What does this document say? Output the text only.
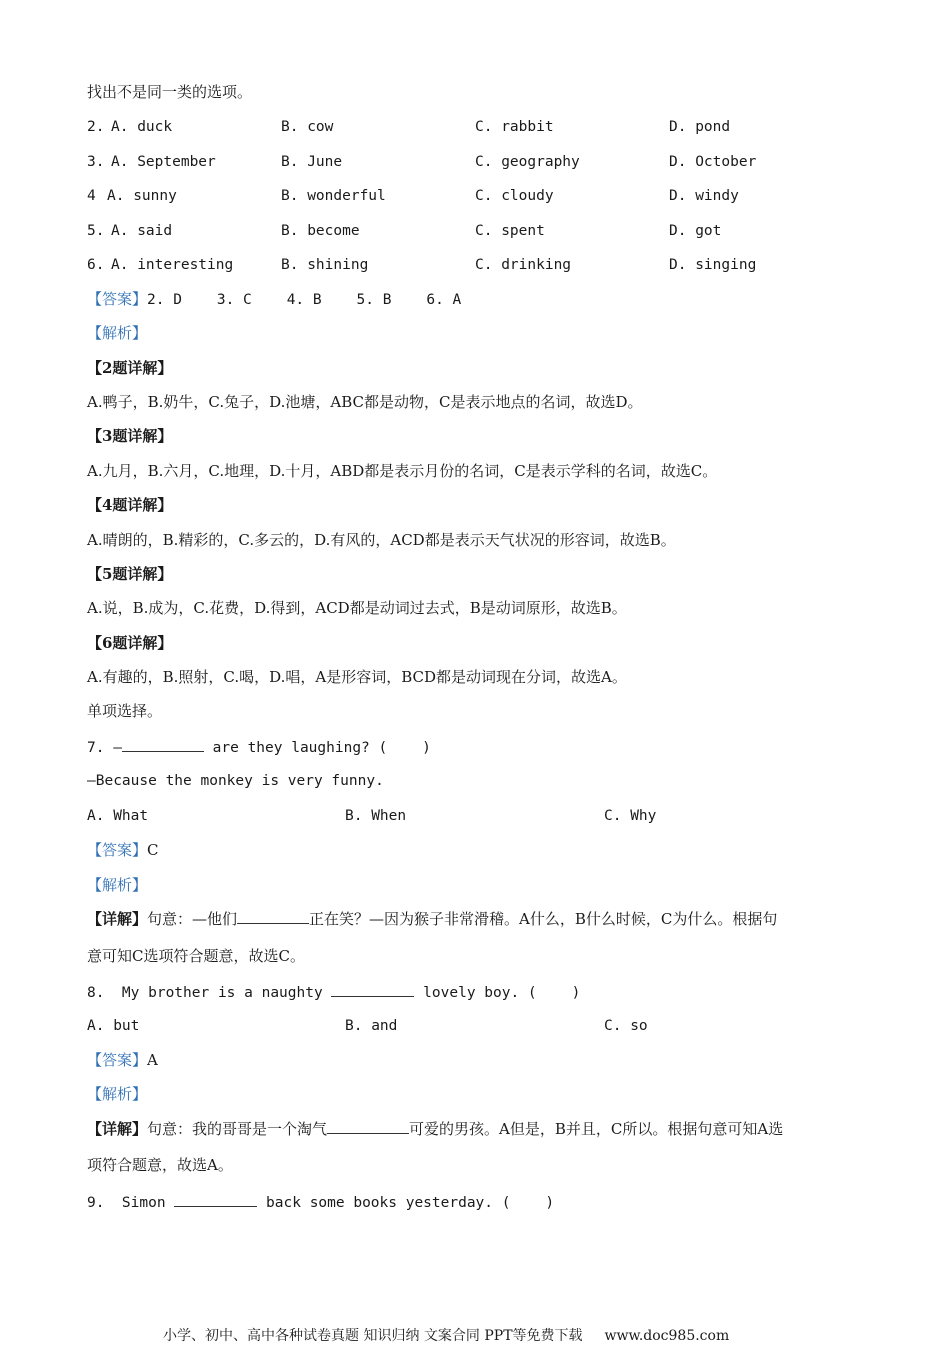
找出不是同一类的选项。
2. A. duck	B. cow	C. rabbit	D. pond
3. A. September	B. June	C. geography	D. October
4 A. sunny	B. wonderful	C. cloudy	D. windy
5. A. said	B. become	C. spent	D. got
6. A. interesting	B. shining	C. drinking	D. singing
【答案】2. D    3. C    4. B    5. B    6. A
【解析】
【2题详解】
A.鸭子，B.奶牛，C.兔子，D.池塘，ABC都是动物，C是表示地点的名词，故选D。
【3题详解】
A.九月，B.六月，C.地理，D.十月，ABD都是表示月份的名词，C是表示学科的名词，故选C。
【4题详解】
A.晴朗的，B.精彩的，C.多云的，D.有风的，ACD都是表示天气状况的形容词，故选B。
【5题详解】
A.说，B.成为，C.花费，D.得到，ACD都是动词过去式，B是动词原形，故选B。
【6题详解】
A.有趣的，B.照射，C.喝，D.唱，A是形容词，BCD都是动词现在分词，故选A。
单项选择。
7. —	are they laughing? (    )
—Because the monkey is very funny.
A. What	B. When	C. Why
【答案】C
【解析】
【详解】句意：—他们	正在笑？—因为猴子非常滑稽。A什么，B什么时候，C为什么。根据句
意可知C选项符合题意，故选C。
8.  My brother is a naughty	lovely boy. (    )
A. but	B. and	C. so
【答案】A
【解析】
【详解】句意：我的哥哥是一个淘气	可爱的男孩。A但是，B并且，C所以。根据句意可知A选
项符合题意，故选A。
9.  Simon	back some books yesterday. (    )
小学、初中、高中各种试卷真题 知识归纳 文案合同 PPT等免费下载 www.doc985.com
